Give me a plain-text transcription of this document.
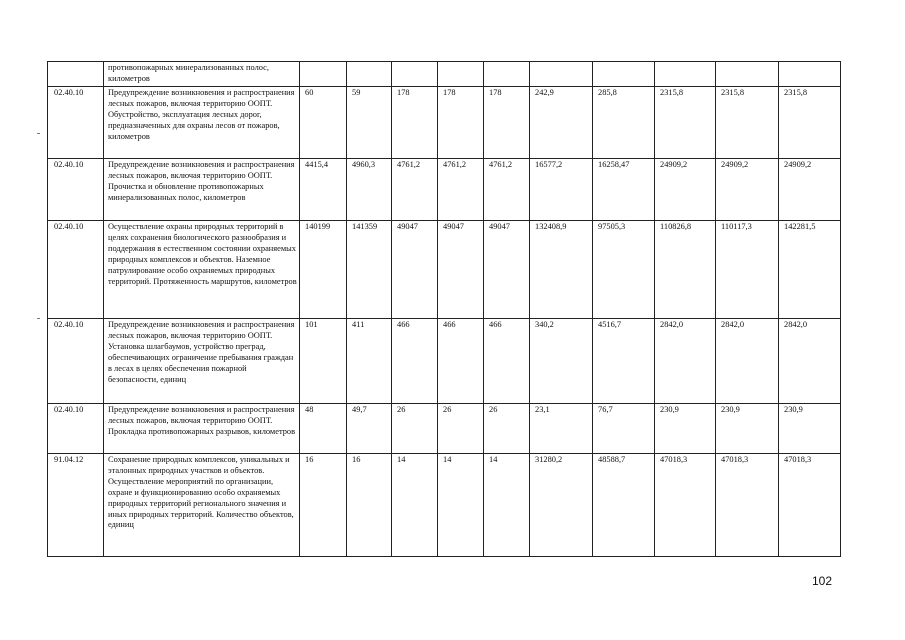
	противопожарных минерализованных полос, километров										
02.40.10	Предупреждение возникновения и распространения лесных пожаров, включая территорию ООПТ. Обустройство, эксплуатация лесных дорог, предназначенных для охраны лесов от пожаров, километров	60	59	178	178	178	242,9	285,8	2315,8	2315,8	2315,8
02.40.10	Предупреждение возникновения и распространения лесных пожаров, включая территорию ООПТ. Прочистка и обновление противопожарных минерализованных полос, километров	4415,4	4960,3	4761,2	4761,2	4761,2	16577,2	16258,47	24909,2	24909,2	24909,2
02.40.10	Осуществление охраны природных территорий в целях сохранения биологического разнообразия и поддержания в естественном состоянии охраняемых природных комплексов и объектов. Наземное патрулирование особо охраняемых природных территорий. Протяженность маршрутов, километров	140199	141359	49047	49047	49047	132408,9	97505,3	110826,8	110117,3	142281,5
02.40.10	Предупреждение возникновения и распространения лесных пожаров, включая территорию ООПТ. Установка шлагбаумов, устройство преград, обеспечивающих ограничение пребывания граждан в лесах в целях обеспечения пожарной безопасности, единиц	101	411	466	466	466	340,2	4516,7	2842,0	2842,0	2842,0
02.40.10	Предупреждение возникновения и распространения лесных пожаров, включая территорию ООПТ. Прокладка противопожарных разрывов, километров	48	49,7	26	26	26	23,1	76,7	230,9	230,9	230,9
91.04.12	Сохранение природных комплексов, уникальных и эталонных природных участков и объектов. Осуществление мероприятий по организации, охране и функционированию особо охраняемых природных территорий регионального значения и иных природных территорий. Количество объектов, единиц	16	16	14	14	14	31280,2	48588,7	47018,3	47018,3	47018,3
102
